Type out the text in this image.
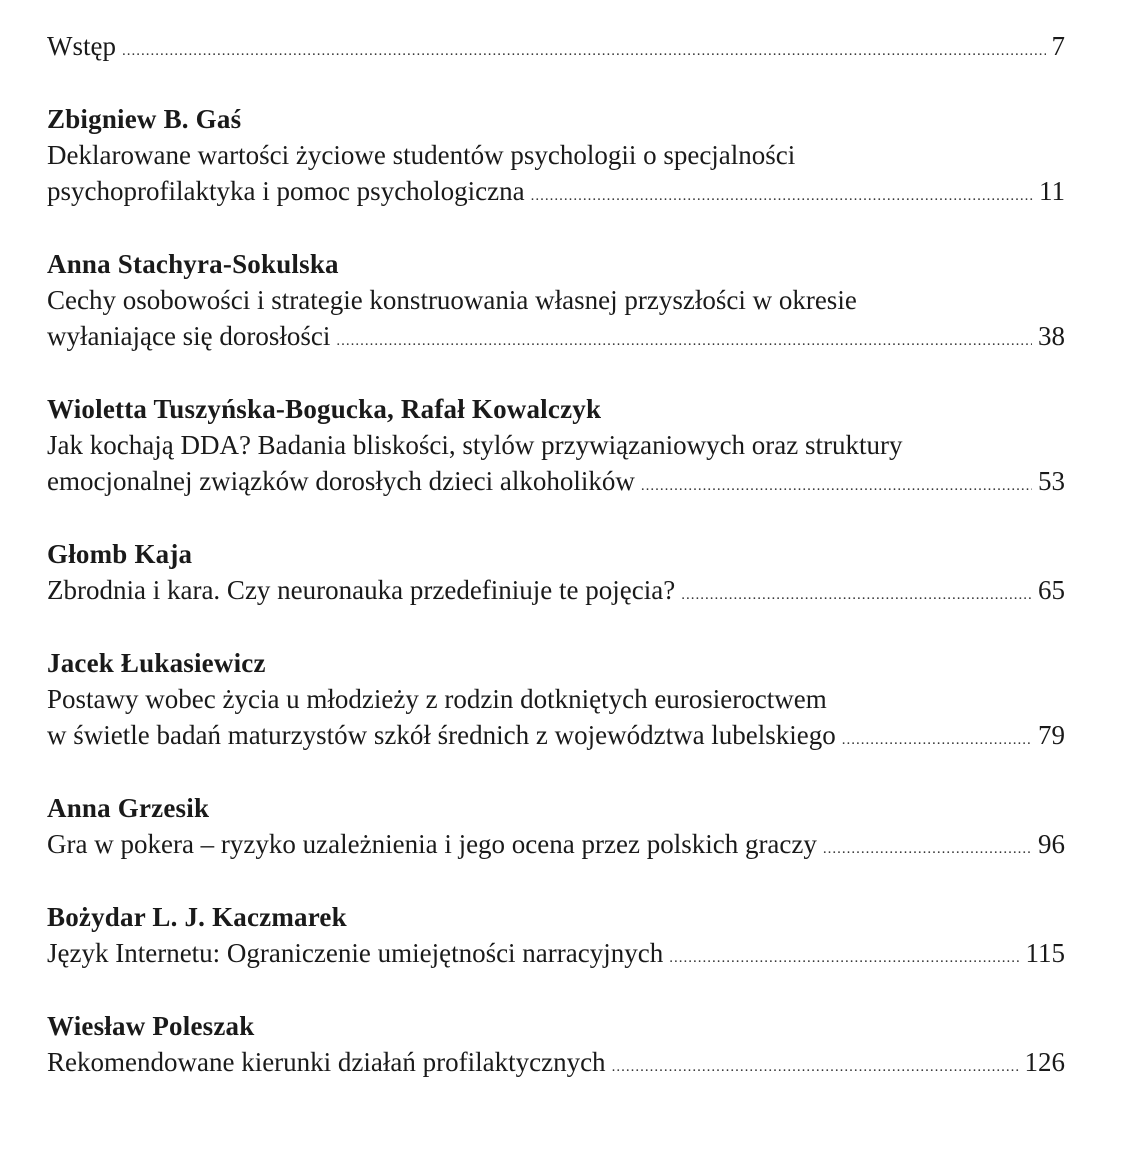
Wstęp .....	7
Zbigniew B. Gaś
Deklarowane wartości życiowe studentów psychologii o specjalności
psychoprofilaktyka i pomoc psychologiczna .....	11
Anna Stachyra-Sokulska
Cechy osobowości i strategie konstruowania własnej przyszłości w okresie
wyłaniające się dorosłości .....	38
Wioletta Tuszyńska-Bogucka, Rafał Kowalczyk
Jak kochają DDA? Badania bliskości, stylów przywiązaniowych oraz struktury
emocjonalnej związków dorosłych dzieci alkoholików .....	53
Głomb Kaja
Zbrodnia i kara. Czy neuronauka przedefiniuje te pojęcia? .....	65
Jacek Łukasiewicz
Postawy wobec życia u młodzieży z rodzin dotkniętych eurosieroctwem
w świetle badań maturzystów szkół średnich z województwa lubelskiego .....	79
Anna Grzesik
Gra w pokera – ryzyko uzależnienia i jego ocena przez polskich graczy .....	96
Bożydar L. J. Kaczmarek
Język Internetu: Ograniczenie umiejętności narracyjnych .....	115
Wiesław Poleszak
Rekomendowane kierunki działań profilaktycznych .....	126
